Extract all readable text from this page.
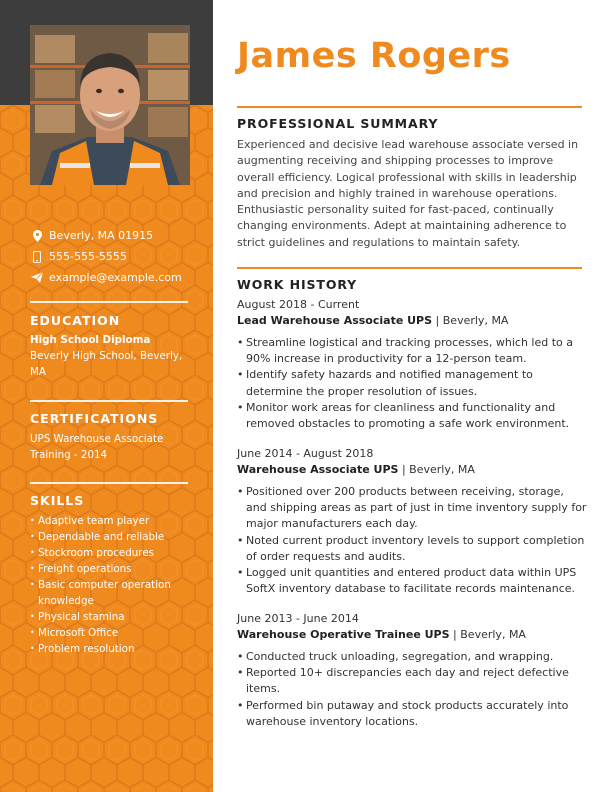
Beverly, MA 01915
555-555-5555
example@example.com
EDUCATION
High School Diploma
Beverly High School, Beverly,
MA
CERTIFICATIONS
UPS Warehouse Associate
Training - 2014
SKILLS
• Adaptive team player
• Dependable and reliable
• Stockroom procedures
• Freight operations
• Basic computer operation
knowledge
• Physical stamina
• Microsoft Office
• Problem resolution
James Rogers
PROFESSIONAL SUMMARY
Experienced and decisive lead warehouse associate versed in augmenting receiving and shipping processes to improve overall efficiency. Logical professional with skills in leadership and precision and highly trained in warehouse operations. Enthusiastic personality suited for fast-paced, continually changing environments. Adept at maintaining adherence to strict guidelines and regulations to maintain safety.
WORK HISTORY
August 2018 - Current
Lead Warehouse Associate UPS | Beverly, MA
• Streamline logistical and tracking processes, which led to a 90% increase in productivity for a 12-person team.
• Identify safety hazards and notified management to determine the proper resolution of issues.
• Monitor work areas for cleanliness and functionality and removed obstacles to promoting a safe work environment.
June 2014 - August 2018
Warehouse Associate UPS | Beverly, MA
• Positioned over 200 products between receiving, storage, and shipping areas as part of just in time inventory supply for major manufacturers each day.
• Noted current product inventory levels to support completion of order requests and audits.
• Logged unit quantities and entered product data within UPS SoftX inventory database to facilitate records maintenance.
June 2013 - June 2014
Warehouse Operative Trainee UPS | Beverly, MA
• Conducted truck unloading, segregation, and wrapping.
• Reported 10+ discrepancies each day and reject defective items.
• Performed bin putaway and stock products accurately into warehouse inventory locations.
